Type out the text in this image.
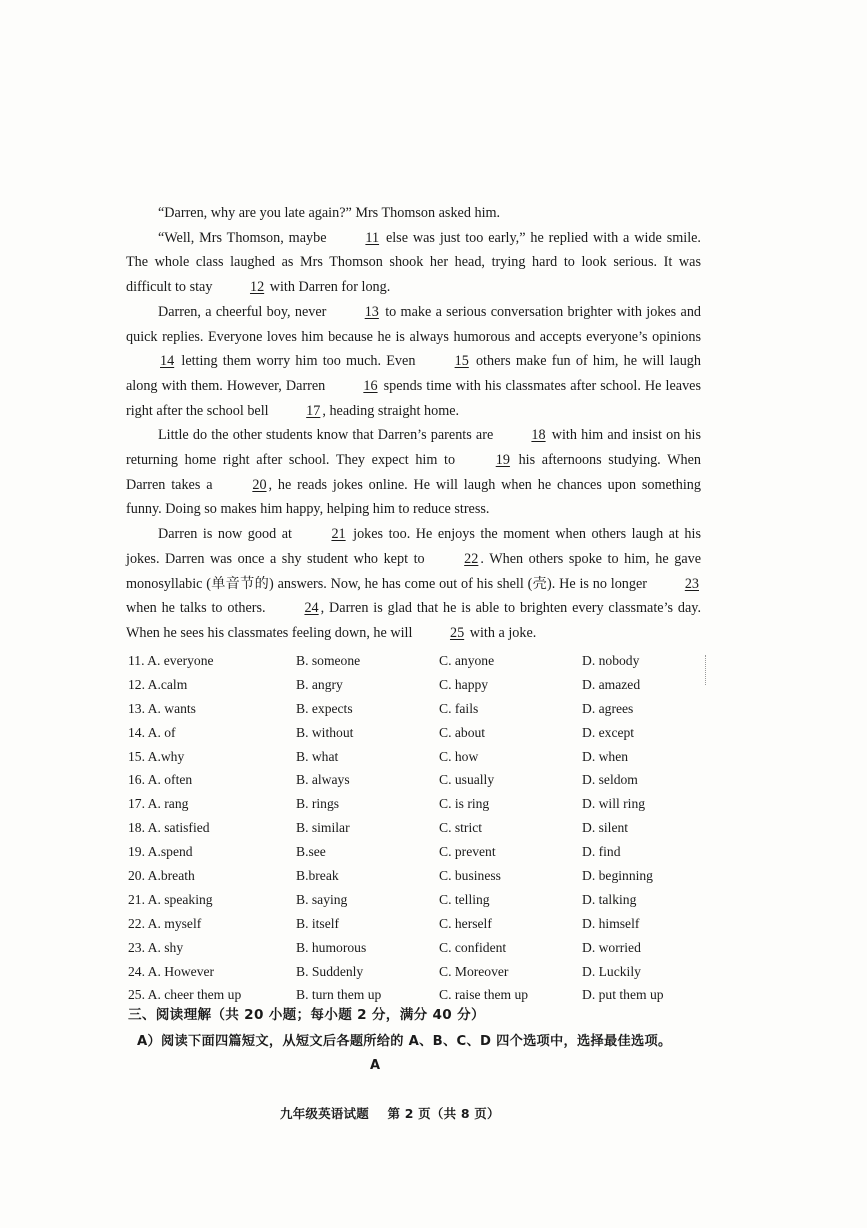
“Darren, why are you late again?” Mrs Thomson asked him.

“Well, Mrs Thomson, maybe 11 else was just too early,” he replied with a wide smile. The whole class laughed as Mrs Thomson shook her head, trying hard to look serious. It was difficult to stay 12 with Darren for long.

Darren, a cheerful boy, never 13 to make a serious conversation brighter with jokes and quick replies. Everyone loves him because he is always humorous and accepts everyone’s opinions 14 letting them worry him too much. Even 15 others make fun of him, he will laugh along with them. However, Darren 16 spends time with his classmates after school. He leaves right after the school bell 17 , heading straight home.

Little do the other students know that Darren’s parents are 18 with him and insist on his returning home right after school. They expect him to 19 his afternoons studying. When Darren takes a 20 , he reads jokes online. He will laugh when he chances upon something funny. Doing so makes him happy, helping him to reduce stress.

Darren is now good at 21 jokes too. He enjoys the moment when others laugh at his jokes. Darren was once a shy student who kept to 22 . When others spoke to him, he gave monosyllabic (单音节的) answers. Now, he has come out of his shell (壳). He is no longer 23 when he talks to others. 24 , Darren is glad that he is able to brighten every classmate’s day. When he sees his classmates feeling down, he will 25 with a joke.

11. A. everyone	B. someone	C. anyone	D. nobody
12. A.calm	B. angry	C. happy	D. amazed
13. A. wants	B. expects	C. fails	D. agrees
14. A. of	B. without	C. about	D. except
15. A.why	B. what	C. how	D. when
16. A. often	B. always	C. usually	D. seldom
17. A. rang	B. rings	C. is ring	D. will ring
18. A. satisfied	B. similar	C. strict	D. silent
19. A.spend	B.see	C. prevent	D. find
20. A.breath	B.break	C. business	D. beginning
21. A. speaking	B. saying	C. telling	D. talking
22. A. myself	B. itself	C. herself	D. himself
23. A. shy	B. humorous	C. confident	D. worried
24. A. However	B. Suddenly	C. Moreover	D. Luckily
25. A. cheer them up	B. turn them up	C. raise them up	D. put them up
三、阅读理解（共 20 小题；每小题 2 分，满分 40 分）
A）阅读下面四篇短文，从短文后各题所给的 A、B、C、D 四个选项中，选择最佳选项。
A
九年级英语试题 第 2 页（共 8 页）
